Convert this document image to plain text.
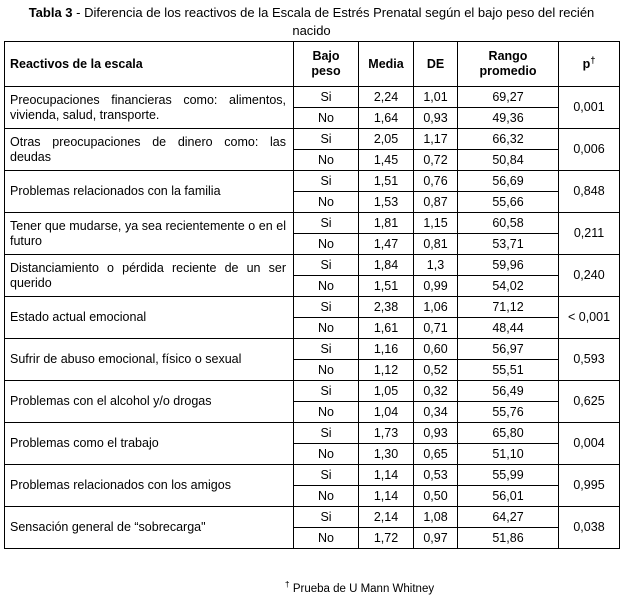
Tabla 3 - Diferencia de los reactivos de la Escala de Estrés Prenatal según el bajo peso del recién nacido
Reactivos de la escala	Bajo peso	Media	DE	Rango promedio	p†
Preocupaciones financieras como: alimentos, vivienda, salud, transporte.	Si	2,24	1,01	69,27	0,001
	No	1,64	0,93	49,36	
Otras preocupaciones de dinero como: las deudas	Si	2,05	1,17	66,32	0,006
	No	1,45	0,72	50,84	
Problemas relacionados con la familia	Si	1,51	0,76	56,69	0,848
	No	1,53	0,87	55,66	
Tener que mudarse, ya sea recientemente o en el futuro	Si	1,81	1,15	60,58	0,211
	No	1,47	0,81	53,71	
Distanciamiento o pérdida reciente de un ser querido	Si	1,84	1,3	59,96	0,240
	No	1,51	0,99	54,02	
Estado actual emocional	Si	2,38	1,06	71,12	< 0,001
	No	1,61	0,71	48,44	
Sufrir de abuso emocional, físico o sexual	Si	1,16	0,60	56,97	0,593
	No	1,12	0,52	55,51	
Problemas con el alcohol y/o drogas	Si	1,05	0,32	56,49	0,625
	No	1,04	0,34	55,76	
Problemas como el trabajo	Si	1,73	0,93	65,80	0,004
	No	1,30	0,65	51,10	
Problemas relacionados con los amigos	Si	1,14	0,53	55,99	0,995
	No	1,14	0,50	56,01	
Sensación general de “sobrecarga"	Si	2,14	1,08	64,27	0,038
	No	1,72	0,97	51,86	
† Prueba de U Mann Whitney
